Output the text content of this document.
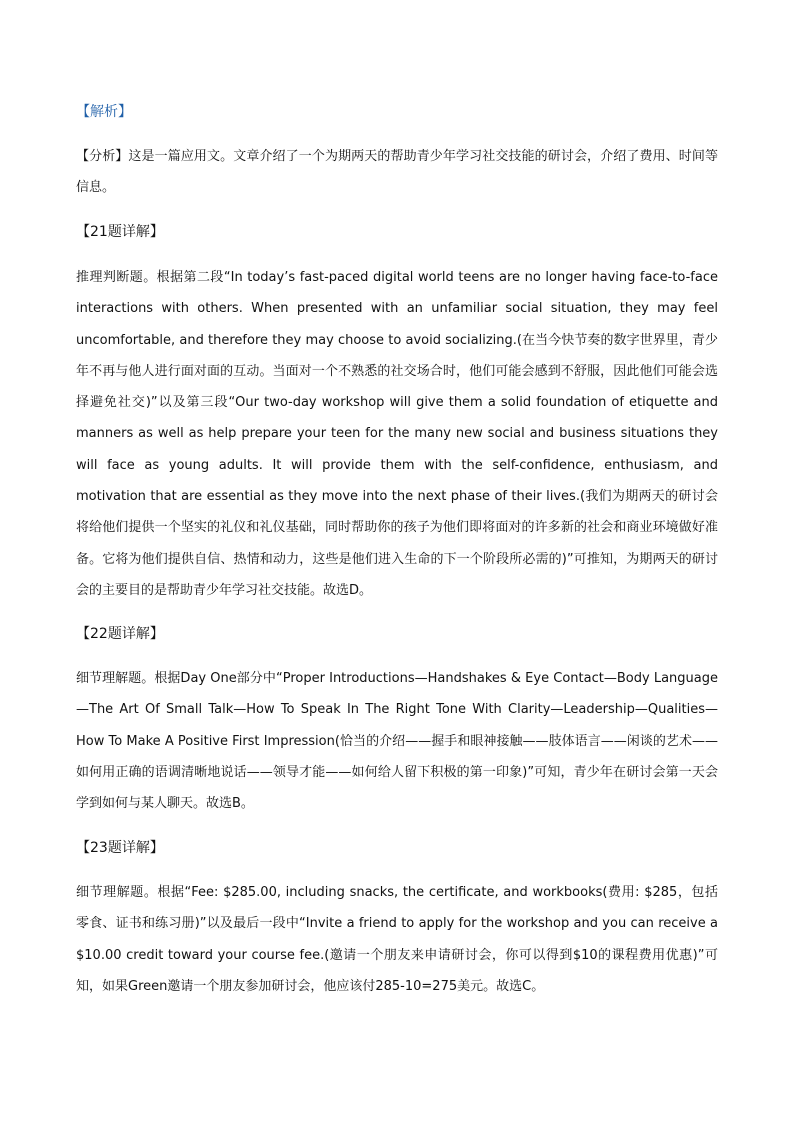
【解析】
【分析】这是一篇应用文。文章介绍了一个为期两天的帮助青少年学习社交技能的研讨会，介绍了费用、时间等信息。
【21题详解】
推理判断题。根据第二段“In today’s fast-paced digital world teens are no longer having face-to-face interactions with others. When presented with an unfamiliar social situation, they may feel uncomfortable, and therefore they may choose to avoid socializing.(在当今快节奏的数字世界里，青少年不再与他人进行面对面的互动。当面对一个不熟悉的社交场合时，他们可能会感到不舒服，因此他们可能会选择避免社交)”以及第三段“Our two-day workshop will give them a solid foundation of etiquette and manners as well as help prepare your teen for the many new social and business situations they will face as young adults. It will provide them with the self-confidence, enthusiasm, and motivation that are essential as they move into the next phase of their lives.(我们为期两天的研讨会将给他们提供一个坚实的礼仪和礼仪基础，同时帮助你的孩子为他们即将面对的许多新的社会和商业环境做好准备。它将为他们提供自信、热情和动力，这些是他们进入生命的下一个阶段所必需的)”可推知，为期两天的研讨会的主要目的是帮助青少年学习社交技能。故选D。
【22题详解】
细节理解题。根据Day One部分中“Proper Introductions—Handshakes & Eye Contact—Body Language—The Art Of Small Talk—How To Speak In The Right Tone With Clarity—Leadership—Qualities—How To Make A Positive First Impression(恰当的介绍——握手和眼神接触——肢体语言——闲谈的艺术——如何用正确的语调清晰地说话——领导才能——如何给人留下积极的第一印象)”可知，青少年在研讨会第一天会学到如何与某人聊天。故选B。
【23题详解】
细节理解题。根据“Fee: $285.00, including snacks, the certificate, and workbooks(费用: $285，包括零食、证书和练习册)”以及最后一段中“Invite a friend to apply for the workshop and you can receive a $10.00 credit toward your course fee.(邀请一个朋友来申请研讨会，你可以得到$10的课程费用优惠)”可知，如果Green邀请一个朋友参加研讨会，他应该付285-10=275美元。故选C。
